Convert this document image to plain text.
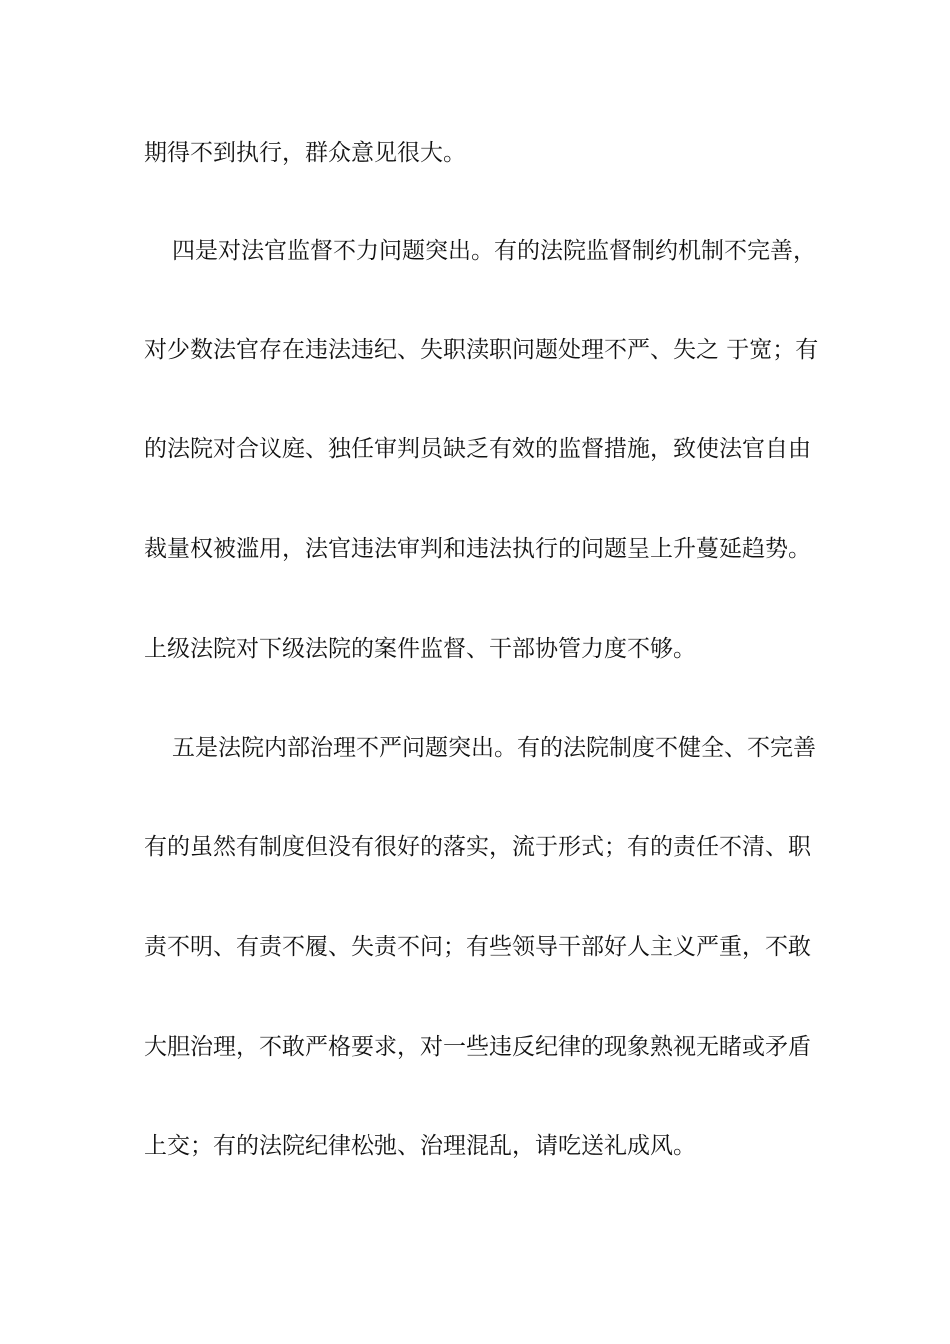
期得不到执行，群众意见很大。
四是对法官监督不力问题突出。有的法院监督制约机制不完善，
对少数法官存在违法违纪、失职渎职问题处理不严、失之 于宽；有
的法院对合议庭、独任审判员缺乏有效的监督措施，致使法官自由
裁量权被滥用，法官违法审判和违法执行的问题呈上升蔓延趋势。
上级法院对下级法院的案件监督、干部协管力度不够。
五是法院内部治理不严问题突出。有的法院制度不健全、不完善
有的虽然有制度但没有很好的落实，流于形式；有的责任不清、职
责不明、有责不履、失责不问；有些领导干部好人主义严重，不敢
大胆治理，不敢严格要求，对一些违反纪律的现象熟视无睹或矛盾
上交；有的法院纪律松弛、治理混乱，请吃送礼成风。
